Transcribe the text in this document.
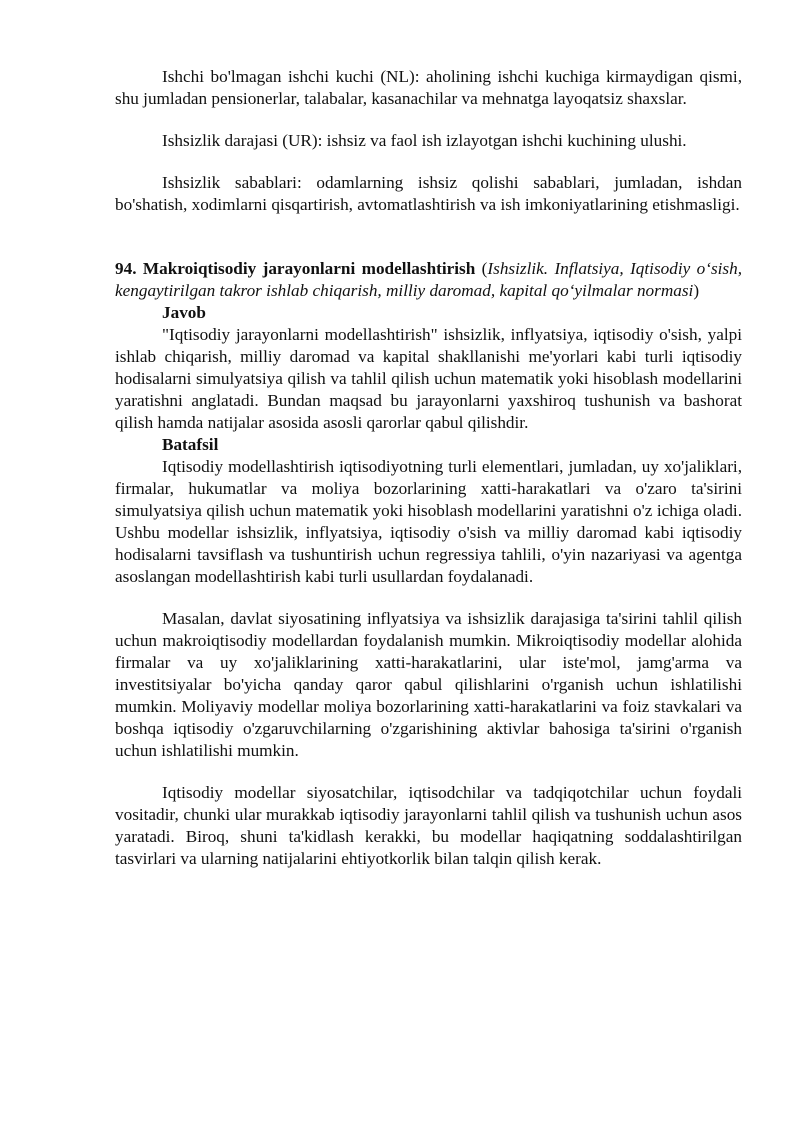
Ishchi bo'lmagan ishchi kuchi (NL): aholining ishchi kuchiga kirmaydigan qismi, shu jumladan pensionerlar, talabalar, kasanachilar va mehnatga layoqatsiz shaxslar.

Ishsizlik darajasi (UR): ishsiz va faol ish izlayotgan ishchi kuchining ulushi.

Ishsizlik sabablari: odamlarning ishsiz qolishi sabablari, jumladan, ishdan bo'shatish, xodimlarni qisqartirish, avtomatlashtirish va ish imkoniyatlarining etishmasligi.

94. Makroiqtisodiy jarayonlarni modellashtirish (Ishsizlik. Inflatsiya, Iqtisodiy o‘sish, kengaytirilgan takror ishlab chiqarish, milliy daromad, kapital qo‘yilmalar normasi)

Javob

"Iqtisodiy jarayonlarni modellashtirish" ishsizlik, inflyatsiya, iqtisodiy o'sish, yalpi ishlab chiqarish, milliy daromad va kapital shakllanishi me'yorlari kabi turli iqtisodiy hodisalarni simulyatsiya qilish va tahlil qilish uchun matematik yoki hisoblash modellarini yaratishni anglatadi. Bundan maqsad bu jarayonlarni yaxshiroq tushunish va bashorat qilish hamda natijalar asosida asosli qarorlar qabul qilishdir.

Batafsil

Iqtisodiy modellashtirish iqtisodiyotning turli elementlari, jumladan, uy xo'jaliklari, firmalar, hukumatlar va moliya bozorlarining xatti-harakatlari va o'zaro ta'sirini simulyatsiya qilish uchun matematik yoki hisoblash modellarini yaratishni o'z ichiga oladi. Ushbu modellar ishsizlik, inflyatsiya, iqtisodiy o'sish va milliy daromad kabi iqtisodiy hodisalarni tavsiflash va tushuntirish uchun regressiya tahlili, o'yin nazariyasi va agentga asoslangan modellashtirish kabi turli usullardan foydalanadi.

Masalan, davlat siyosatining inflyatsiya va ishsizlik darajasiga ta'sirini tahlil qilish uchun makroiqtisodiy modellardan foydalanish mumkin. Mikroiqtisodiy modellar alohida firmalar va uy xo'jaliklarining xatti-harakatlarini, ular iste'mol, jamg'arma va investitsiyalar bo'yicha qanday qaror qabul qilishlarini o'rganish uchun ishlatilishi mumkin. Moliyaviy modellar moliya bozorlarining xatti-harakatlarini va foiz stavkalari va boshqa iqtisodiy o'zgaruvchilarning o'zgarishining aktivlar bahosiga ta'sirini o'rganish uchun ishlatilishi mumkin.

Iqtisodiy modellar siyosatchilar, iqtisodchilar va tadqiqotchilar uchun foydali vositadir, chunki ular murakkab iqtisodiy jarayonlarni tahlil qilish va tushunish uchun asos yaratadi. Biroq, shuni ta'kidlash kerakki, bu modellar haqiqatning soddalashtirilgan tasvirlari va ularning natijalarini ehtiyotkorlik bilan talqin qilish kerak.
